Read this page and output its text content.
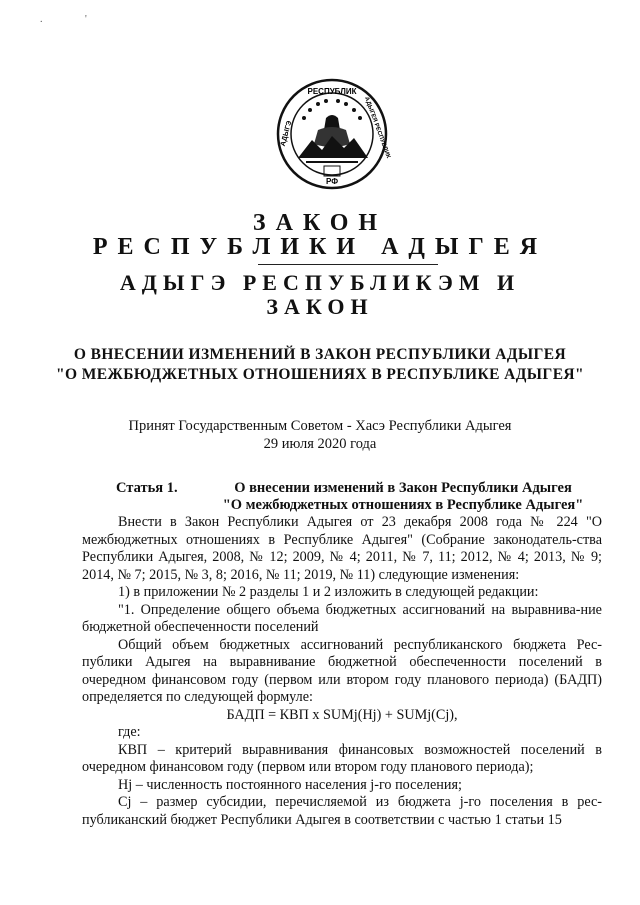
РЕСПУБЛИК
АДЫГЕЯ РЕСПУБЛИК
АДЫГЭ
РФ
.                 '
ЗАКОН
РЕСПУБЛИКИ АДЫГЕЯ
АДЫГЭ РЕСПУБЛИКЭМ И
ЗАКОН
О ВНЕСЕНИИ ИЗМЕНЕНИЙ В ЗАКОН РЕСПУБЛИКИ АДЫГЕЯ
"О МЕЖБЮДЖЕТНЫХ ОТНОШЕНИЯХ В РЕСПУБЛИКЕ АДЫГЕЯ"
Принят Государственным Советом - Хасэ Республики Адыгея
29 июля 2020 года
Статья 1.	О внесении изменений в Закон Республики Адыгея
"О межбюджетных отношениях в Республике Адыгея"

Внести в Закон Республики Адыгея от 23 декабря 2008 года № 224 "О межбюджетных отношениях в Республике Адыгея" (Собрание законодатель-ства Республики Адыгея, 2008, № 12; 2009, № 4; 2011, № 7, 11; 2012, № 4; 2013, № 9; 2014, № 7; 2015, № 3, 8; 2016, № 11; 2019, № 11) следующие изменения:

1) в приложении № 2 разделы 1 и 2 изложить в следующей редакции:

"1. Определение общего объема бюджетных ассигнований на выравнива-ние бюджетной обеспеченности поселений

Общий объем бюджетных ассигнований республиканского бюджета Рес-публики Адыгея на выравнивание бюджетной обеспеченности поселений в очередном финансовом году (первом или втором году планового периода) (БАДП) определяется по следующей формуле:

БАДП = КВП х SUMj(Hj) + SUMj(Cj),

где:

КВП – критерий выравнивания финансовых возможностей поселений в очередном финансовом году (первом или втором году планового периода);

Hj – численность постоянного населения j-го поселения;

Cj – размер субсидии, перечисляемой из бюджета j-го поселения в рес-публиканский бюджет Республики Адыгея в соответствии с частью 1 статьи 15
